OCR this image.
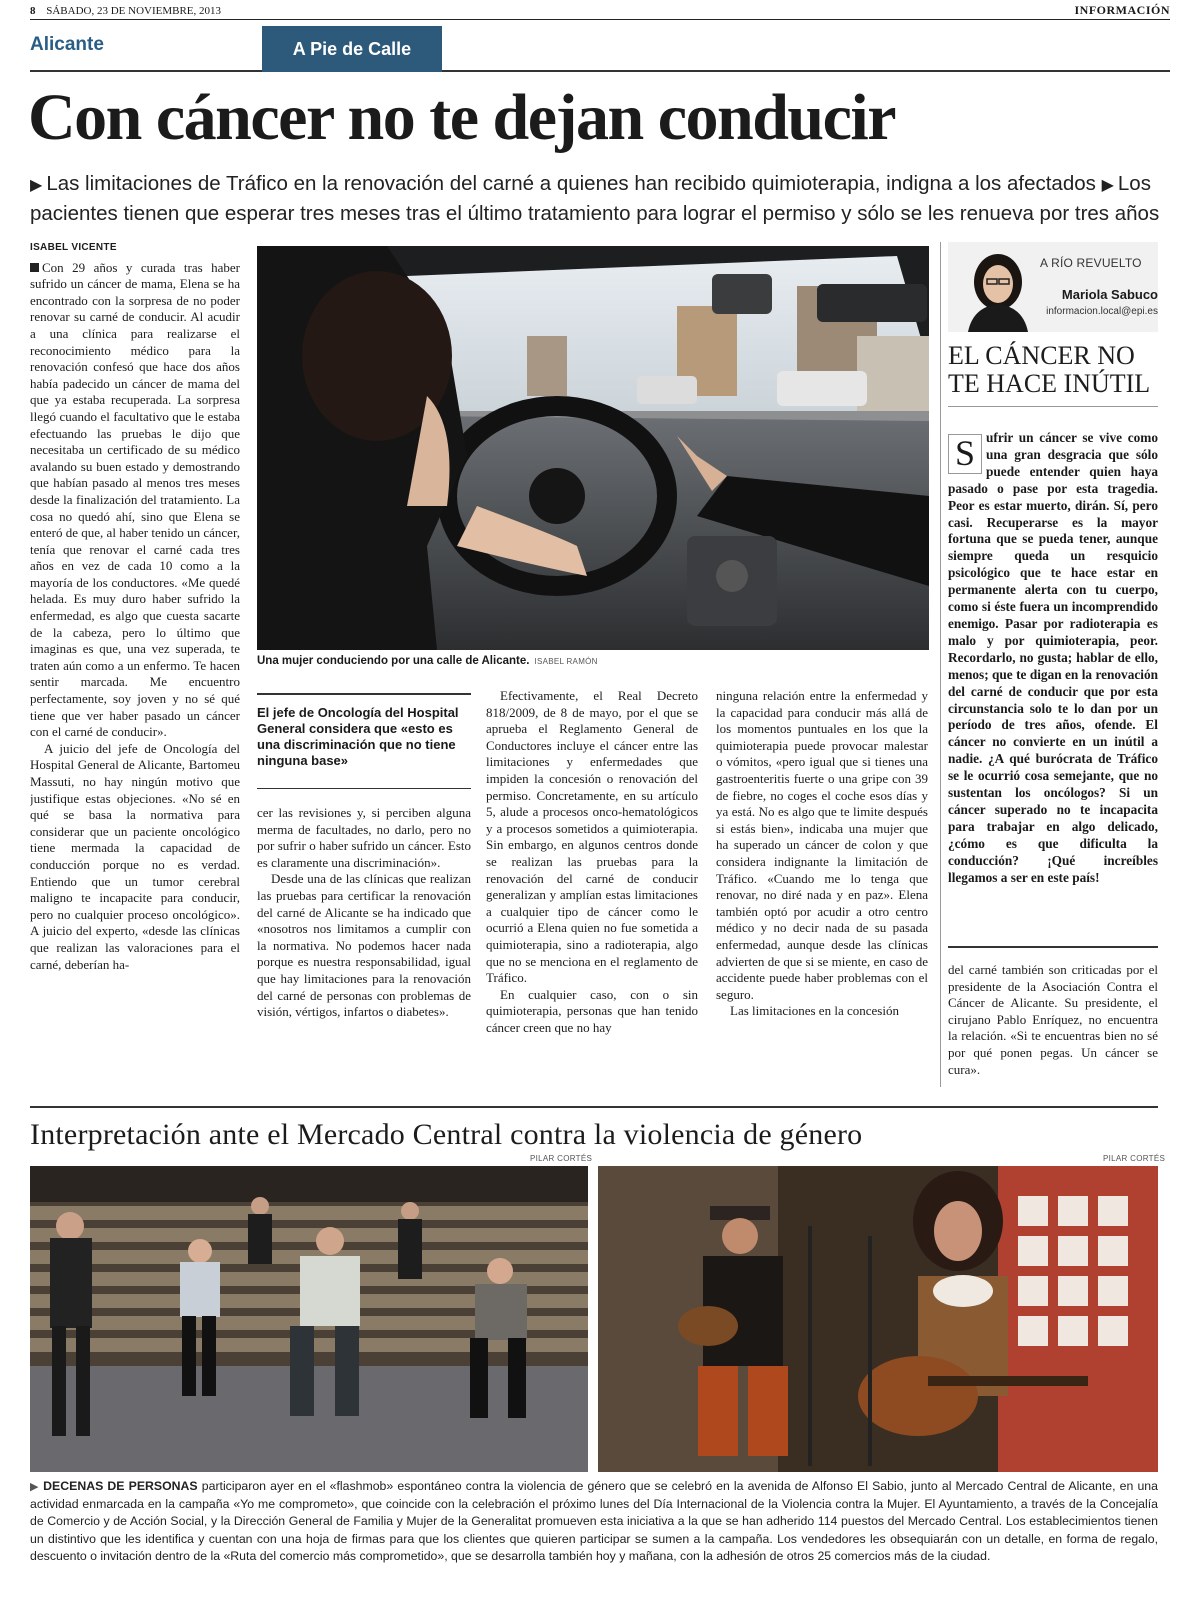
8 SÁBADO, 23 DE NOVIEMBRE, 2013	INFORMACIÓN
Alicante	A Pie de Calle
Con cáncer no te dejan conducir
▶ Las limitaciones de Tráfico en la renovación del carné a quienes han recibido quimioterapia, indigna a los afectados ▶ Los pacientes tienen que esperar tres meses tras el último tratamiento para lograr el permiso y sólo se les renueva por tres años
ISABEL VICENTE

Con 29 años y curada tras haber sufrido un cáncer de mama, Elena se ha encontrado con la sorpresa de no poder renovar su carné de conducir. Al acudir a una clínica para realizarse el reconocimiento médico para la renovación confesó que hace dos años había padecido un cáncer de mama del que ya estaba recuperada. La sorpresa llegó cuando el facultativo que le estaba efectuando las pruebas le dijo que necesitaba un certificado de su médico avalando su buen estado y demostrando que habían pasado al menos tres meses desde la finalización del tratamiento. La cosa no quedó ahí, sino que Elena se enteró de que, al haber tenido un cáncer, tenía que renovar el carné cada tres años en vez de cada 10 como a la mayoría de los conductores. «Me quedé helada. Es muy duro haber sufrido la enfermedad, es algo que cuesta sacarte de la cabeza, pero lo último que imaginas es que, una vez superada, te traten aún como a un enfermo. Te hacen sentir marcada. Me encuentro perfectamente, soy joven y no sé qué tiene que ver haber pasado un cáncer con el carné de conducir».

A juicio del jefe de Oncología del Hospital General de Alicante, Bartomeu Massuti, no hay ningún motivo que justifique estas objeciones. «No sé en qué se basa la normativa para considerar que un paciente oncológico tiene mermada la capacidad de conducción porque no es verdad. Entiendo que un tumor cerebral maligno te incapacite para conducir, pero no cualquier proceso oncológico». A juicio del experto, «desde las clínicas que realizan las valoraciones para el carné, deberían ha-

Una mujer conduciendo por una calle de Alicante. ISABEL RAMÓN
El jefe de Oncología del Hospital General considera que «esto es una discriminación que no tiene ninguna base»

cer las revisiones y, si perciben alguna merma de facultades, no darlo, pero no por sufrir o haber sufrido un cáncer. Esto es claramente una discriminación».

Desde una de las clínicas que realizan las pruebas para certificar la renovación del carné de Alicante se ha indicado que «nosotros nos limitamos a cumplir con la normativa. No podemos hacer nada porque es nuestra responsabilidad, igual que hay limitaciones para la renovación del carné de personas con problemas de visión, vértigos, infartos o diabetes».

Efectivamente, el Real Decreto 818/2009, de 8 de mayo, por el que se aprueba el Reglamento General de Conductores incluye el cáncer entre las limitaciones y enfermedades que impiden la concesión o renovación del permiso. Concretamente, en su artículo 5, alude a procesos onco-hematológicos y a procesos sometidos a quimioterapia. Sin embargo, en algunos centros donde se realizan las pruebas para la renovación del carné de conducir generalizan y amplían estas limitaciones a cualquier tipo de cáncer como le ocurrió a Elena quien no fue sometida a quimioterapia, sino a radioterapia, algo que no se menciona en el reglamento de Tráfico.

En cualquier caso, con o sin quimioterapia, personas que han tenido cáncer creen que no hay

ninguna relación entre la enfermedad y la capacidad para conducir más allá de los momentos puntuales en los que la quimioterapia puede provocar malestar o vómitos, «pero igual que si tienes una gastroenteritis fuerte o una gripe con 39 de fiebre, no coges el coche esos días y ya está. No es algo que te limite después si estás bien», indicaba una mujer que ha superado un cáncer de colon y que considera indignante la limitación de Tráfico. «Cuando me lo tenga que renovar, no diré nada y en paz». Elena también optó por acudir a otro centro médico y no decir nada de su pasada enfermedad, aunque desde las clínicas advierten de que si se miente, en caso de accidente puede haber problemas con el seguro.

Las limitaciones en la concesión

A RÍO REVUELTO
Mariola Sabuco
informacion.local@epi.es
EL CÁNCER NO TE HACE INÚTIL
S ufrir un cáncer se vive como una gran desgracia que sólo puede entender quien haya pasado o pase por esta tragedia. Peor es estar muerto, dirán. Sí, pero casi. Recuperarse es la mayor fortuna que se pueda tener, aunque siempre queda un resquicio psicológico que te hace estar en permanente alerta con tu cuerpo, como si éste fuera un incomprendido enemigo. Pasar por radioterapia es malo y por quimioterapia, peor. Recordarlo, no gusta; hablar de ello, menos; que te digan en la renovación del carné de conducir que por esta circunstancia solo te lo dan por un período de tres años, ofende. El cáncer no convierte en un inútil a nadie. ¿A qué burócrata de Tráfico se le ocurrió cosa semejante, que no sustentan los oncólogos? Si un cáncer superado no te incapacita para trabajar en algo delicado, ¿cómo es que dificulta la conducción? ¡Qué increíbles llegamos a ser en este país!

del carné también son criticadas por el presidente de la Asociación Contra el Cáncer de Alicante. Su presidente, el cirujano Pablo Enríquez, no encuentra la relación. «Si te encuentras bien no sé por qué ponen pegas. Un cáncer se cura».

Interpretación ante el Mercado Central contra la violencia de género
PILAR CORTÉS	PILAR CORTÉS
▶ DECENAS DE PERSONAS participaron ayer en el «flashmob» espontáneo contra la violencia de género que se celebró en la avenida de Alfonso El Sabio, junto al Mercado Central de Alicante, en una actividad enmarcada en la campaña «Yo me comprometo», que coincide con la celebración el próximo lunes del Día Internacional de la Violencia contra la Mujer. El Ayuntamiento, a través de la Concejalía de Comercio y de Acción Social, y la Dirección General de Familia y Mujer de la Generalitat promueven esta iniciativa a la que se han adherido 114 puestos del Mercado Central. Los establecimientos tienen un distintivo que les identifica y cuentan con una hoja de firmas para que los clientes que quieren participar se sumen a la campaña. Los vendedores les obsequiarán con un detalle, en forma de regalo, descuento o invitación dentro de la «Ruta del comercio más comprometido», que se desarrolla también hoy y mañana, con la adhesión de otros 25 comercios más de la ciudad.
